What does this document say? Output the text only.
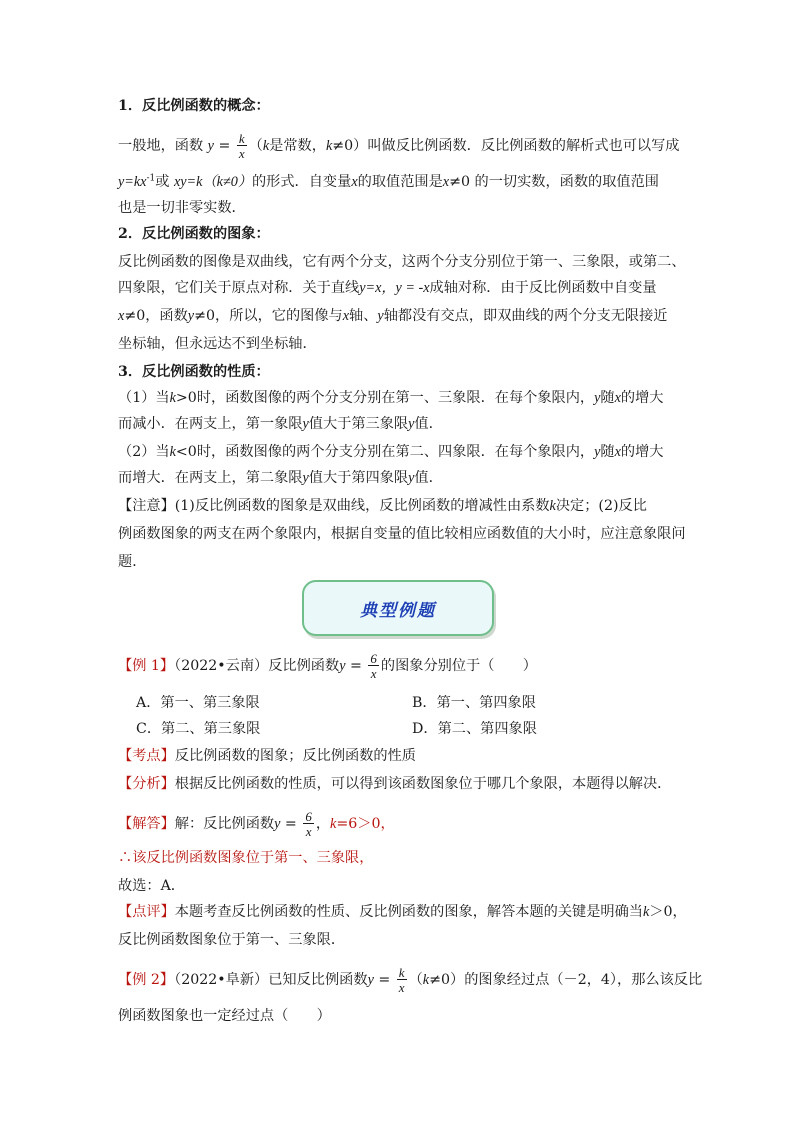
1．反比例函数的概念：
一般地，函数 $y = \frac{k}{x} (k$是常数，k≠0）叫做反比例函数．反比例函数的解析式也可以写成
$y=kx^{-1}$或 xy=k（k≠0）的形式．自变量x的取值范围是x≠0 的一切实数，函数的取值范围
也是一切非零实数．
2．反比例函数的图象：
反比例函数的图像是双曲线，它有两个分支，这两个分支分别位于第一、三象限，或第二、
四象限，它们关于原点对称．关于直线y=x，y = -x成轴对称．由于反比例函数中自变量
x≠0，函数y≠0，所以，它的图像与x轴、y轴都没有交点，即双曲线的两个分支无限接近
坐标轴，但永远达不到坐标轴．
3．反比例函数的性质：
（1）当k>0时，函数图像的两个分支分别在第一、三象限．在每个象限内，y随x的增大
而减小．在两支上，第一象限y值大于第三象限y值．
（2）当k<0时，函数图像的两个分支分别在第二、四象限．在每个象限内，y随x的增大
而增大．在两支上，第二象限y值大于第四象限y值．
【注意】(1)反比例函数的图象是双曲线，反比例函数的增减性由系数k决定；(2)反比
例函数图象的两支在两个象限内，根据自变量的值比较相应函数值的大小时，应注意象限问
题．
【例 1】（2022•云南）反比例函数$y = \frac{6}{x}$ 的图象分别位于（　　）
A．第一、第三象限	B．第一、第四象限
C．第二、第三象限	D．第二、第四象限
【考点】反比例函数的图象；反比例函数的性质
【分析】根据反比例函数的性质，可以得到该函数图象位于哪几个象限，本题得以解决．
【解答】解：反比例函数$y = \frac{6}{x}$ ，k=6＞0，
∴该反比例函数图象位于第一、三象限，
故选：A．
【点评】本题考查反比例函数的性质、反比例函数的图象，解答本题的关键是明确当k＞0，
反比例函数图象位于第一、三象限．
【例 2】（2022•阜新）已知反比例函数$y = \frac{k}{x} (k\ne 0)$的图象经过点（－2，4），那么该反比
例函数图象也一定经过点（　　）
典型例题
